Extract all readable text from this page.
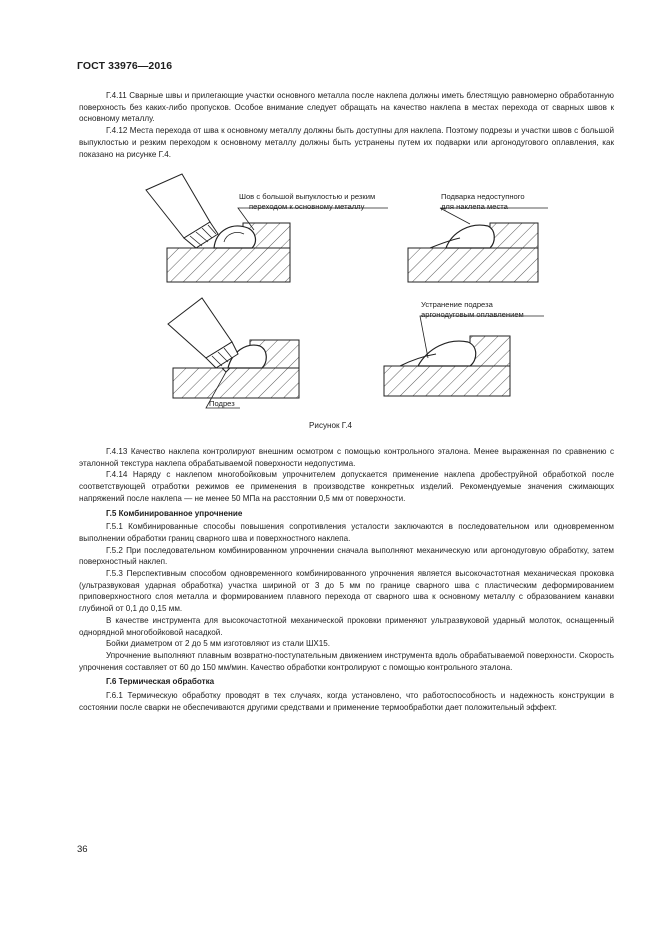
ГОСТ 33976—2016

Г.4.11 Сварные швы и прилегающие участки основного металла после наклепа должны иметь блестящую равномерно обработанную поверхность без каких-либо пропусков. Особое внимание следует обращать на качество наклепа в местах перехода от сварных швов к основному металлу.

Г.4.12 Места перехода от шва к основному металлу должны быть доступны для наклепа. Поэтому подрезы и участки швов с большой выпуклостью и резким переходом к основному металлу должны быть устранены путем их подварки или аргонодугового оплавления, как показано на рисунке Г.4.

Шов с большой выпуклостью и резким
переходом к основному металлу
Подварка недоступного
для наклепа места
Устранение подреза
аргонодуговым оплавлением
Подрез
Рисунок Г.4

Г.4.13 Качество наклепа контролируют внешним осмотром с помощью контрольного эталона. Менее выраженная по сравнению с эталонной текстура наклепа обрабатываемой поверхности недопустима.

Г.4.14 Наряду с наклепом многобойковым упрочнителем допускается применение наклепа дробеструйной обработкой после соответствующей отработки режимов ее применения в производстве конкретных изделий. Рекомендуемые значения сжимающих напряжений после наклепа — не менее 50 МПа на расстоянии 0,5 мм от поверхности.

Г.5 Комбинированное упрочнение

Г.5.1 Комбинированные способы повышения сопротивления усталости заключаются в последовательном или одновременном выполнении обработки границ сварного шва и поверхностного наклепа.

Г.5.2 При последовательном комбинированном упрочнении сначала выполняют механическую или аргонодуговую обработку, затем поверхностный наклеп.

Г.5.3 Перспективным способом одновременного комбинированного упрочнения является высокочастотная механическая проковка (ультразвуковая ударная обработка) участка шириной от 3 до 5 мм по границе сварного шва с пластическим деформированием приповерхностного слоя металла и формированием плавного перехода от сварного шва к основному металлу с образованием канавки глубиной от 0,1 до 0,15 мм.

В качестве инструмента для высокочастотной механической проковки применяют ультразвуковой ударный молоток, оснащенный однорядной многобойковой насадкой.

Бойки диаметром от 2 до 5 мм изготовляют из стали ШХ15.

Упрочнение выполняют плавным возвратно-поступательным движением инструмента вдоль обрабатываемой поверхности. Скорость упрочнения составляет от 60 до 150 мм/мин. Качество обработки контролируют с помощью контрольного эталона.

Г.6 Термическая обработка

Г.6.1 Термическую обработку проводят в тех случаях, когда установлено, что работоспособность и надежность конструкции в состоянии после сварки не обеспечиваются другими средствами и применение термообработки дает положительный эффект.

36
